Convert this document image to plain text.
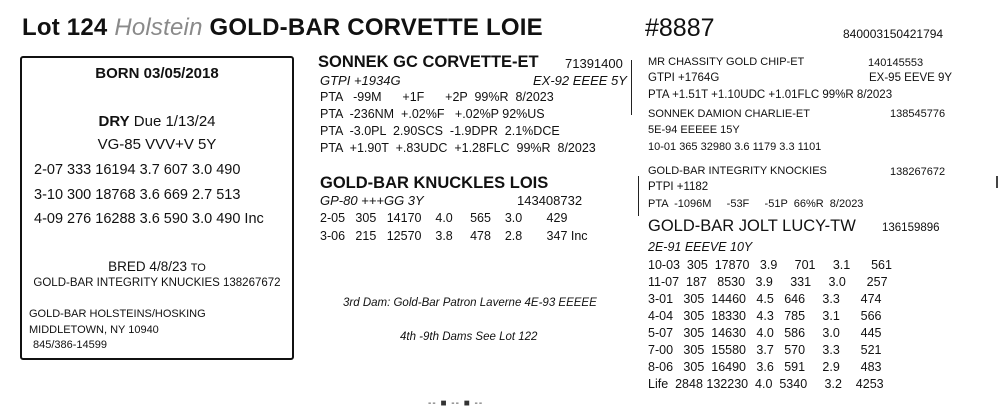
Lot 124 Holstein GOLD-BAR CORVETTE LOIE	#8887	840003150421794
BORN 03/05/2018
DRY Due 1/13/24
VG-85 VVV+V 5Y
2-07 333 16194 3.7 607 3.0 490
3-10 300 18768 3.6 669 2.7 513
4-09 276 16288 3.6 590 3.0 490 Inc
BRED 4/8/23 TO
GOLD-BAR INTEGRITY KNUCKIES 138267672
GOLD-BAR HOLSTEINS/HOSKING
MIDDLETOWN, NY 10940
845/386-14599
SONNEK GC CORVETTE-ET 71391400
GTPI +1934G	EX-92 EEEE 5Y
PTA   -99M      +1F      +2P  99%R  8/2023
PTA  -236NM  +.02%F   +.02%P 92%US
PTA  -3.0PL  2.90SCS  -1.9DPR  2.1%DCE
PTA  +1.90T  +.83UDC  +1.28FLC  99%R  8/2023
GOLD-BAR KNUCKLES LOIS
GP-80 +++GG 3Y	143408732
2-05   305   14170    4.0     565    3.0       429
3-06   215   12570    3.8     478    2.8       347 Inc
3rd Dam: Gold-Bar Patron Laverne 4E-93 EEEEE
4th -9th Dams See Lot 122
MR CHASSITY GOLD CHIP-ET	140145553
GTPI +1764G	EX-95 EEVE 9Y
PTA +1.51T +1.10UDC +1.01FLC 99%R 8/2023
SONNEK DAMION CHARLIE-ET	138545776
5E-94 EEEEE 15Y
10-01 365 32980 3.6 1179 3.3 1101
GOLD-BAR INTEGRITY KNOCKIES	138267672
PTPI +1182
PTA  -1096M     -53F     -51P  66%R  8/2023
GOLD-BAR JOLT LUCY-TW 136159896
2E-91 EEEVE 10Y
10-03  305  17870   3.9     701     3.1      561
11-07  187   8530   3.9     331     3.0      257
3-01   305  14460   4.5   646     3.3      474
4-04   305  18330   4.3   785     3.1      566
5-07   305  14630   4.0   586     3.0      445
7-00   305  15580   3.7   570     3.3      521
8-06   305  16490   3.6   591     2.9      483
Life  2848 132230  4.0  5340     3.2    4253
-- ■ -- ■ --
